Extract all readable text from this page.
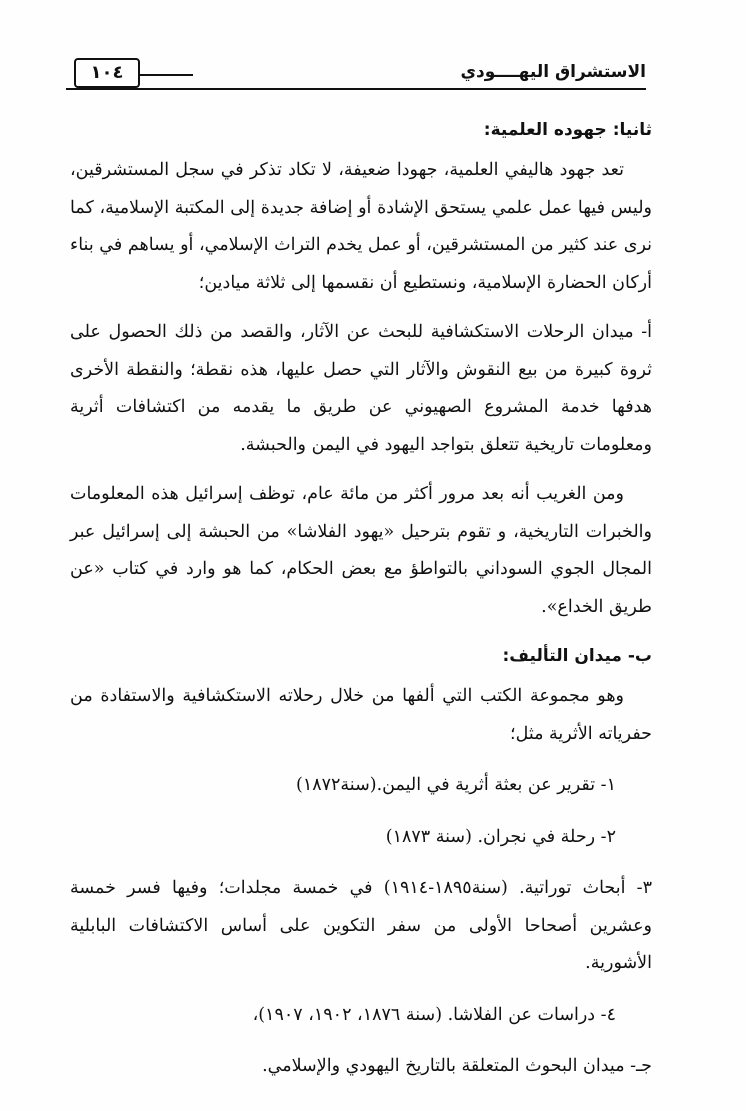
الاستشراق اليهــــودي
١٠٤

ثانيا: جهوده العلمية:

تعد جهود هاليفي العلمية، جهودا ضعيفة، لا تكاد تذكر في سجل المستشرقين، وليس فيها عمل علمي يستحق الإشادة أو إضافة جديدة إلى المكتبة الإسلامية، كما نرى عند كثير من المستشرقين، أو عمل يخدم التراث الإسلامي، أو يساهم في بناء أركان الحضارة الإسلامية، ونستطيع أن نقسمها إلى ثلاثة ميادين؛

أ- ميدان الرحلات الاستكشافية للبحث عن الآثار، والقصد من ذلك الحصول على ثروة كبيرة من بيع النقوش والآثار التي حصل عليها، هذه نقطة؛ والنقطة الأخرى هدفها خدمة المشروع الصهيوني عن طريق ما يقدمه من اكتشافات أثرية ومعلومات تاريخية تتعلق بتواجد اليهود في اليمن والحبشة.

ومن الغريب أنه بعد مرور أكثر من مائة عام، توظف إسرائيل هذه المعلومات والخبرات التاريخية، و تقوم بترحيل «يهود الفلاشا» من الحبشة إلى إسرائيل عبر المجال الجوي السوداني بالتواطؤ مع بعض الحكام، كما هو وارد في كتاب «عن طريق الخداع».

ب- ميدان التأليف:

وهو مجموعة الكتب التي ألفها من خلال رحلاته الاستكشافية والاستفادة من حفرياته الأثرية مثل؛

١- تقرير عن بعثة أثرية في اليمن.(سنة١٨٧٢)

٢- رحلة في نجران. (سنة ١٨٧٣)

٣- أبحاث توراتية. (سنة١٨٩٥-١٩١٤) في خمسة مجلدات؛ وفيها فسر خمسة وعشرين أصحاحا الأولى من سفر التكوين على أساس الاكتشافات البابلية الأشورية.

٤- دراسات عن الفلاشا. (سنة ١٨٧٦، ١٩٠٢، ١٩٠٧)،

جـ- ميدان البحوث المتعلقة بالتاريخ اليهودي والإسلامي.
